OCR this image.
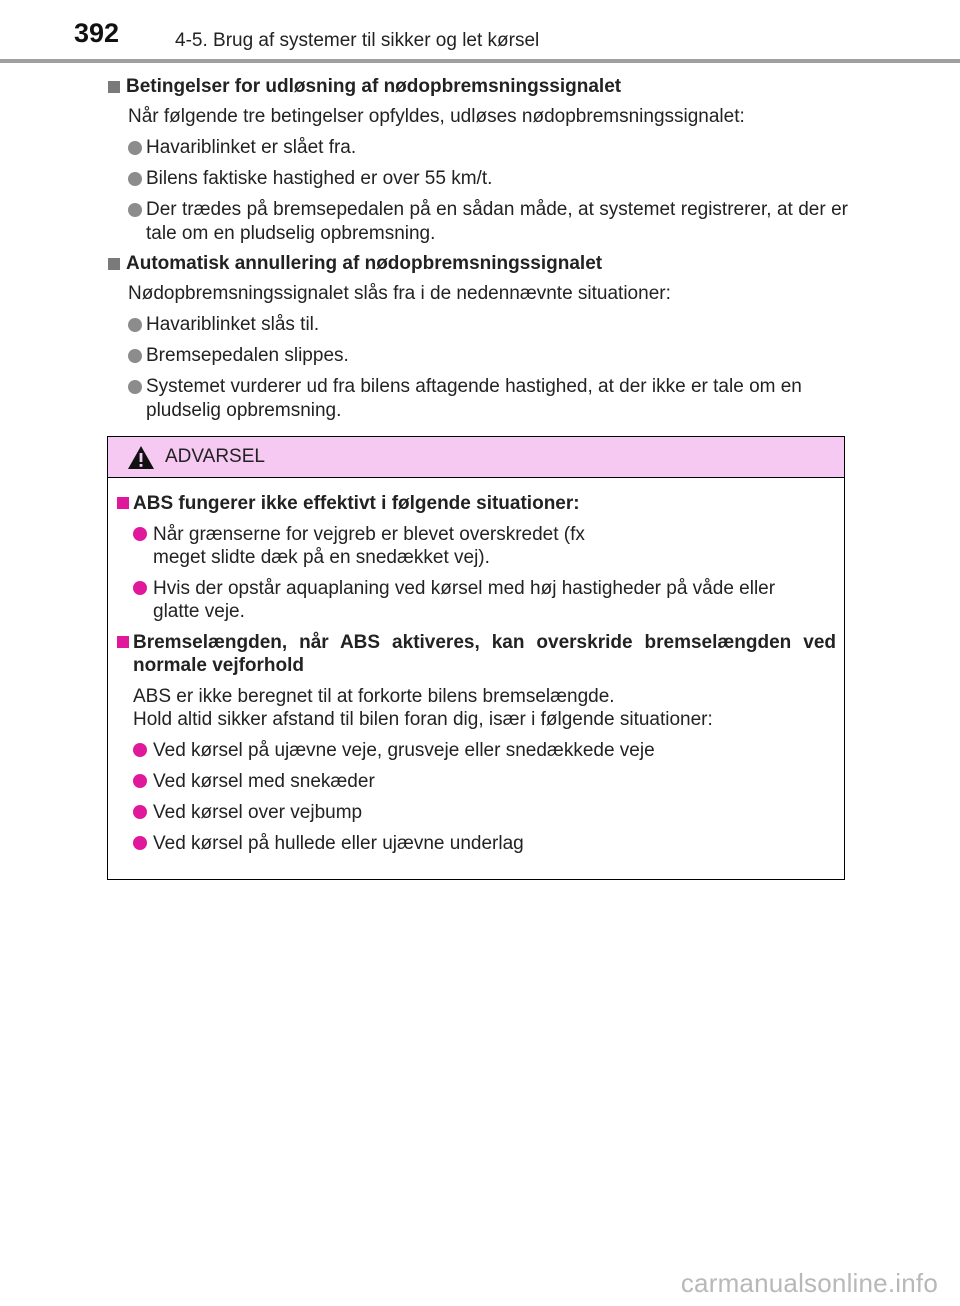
392	4-5. Brug af systemer til sikker og let kørsel
Betingelser for udløsning af nødopbremsningssignalet
Når følgende tre betingelser opfyldes, udløses nødopbremsningssignalet:
Havariblinket er slået fra.
Bilens faktiske hastighed er over 55 km/t.
Der trædes på bremsepedalen på en sådan måde, at systemet registrerer, at der er tale om en pludselig opbremsning.
Automatisk annullering af nødopbremsningssignalet
Nødopbremsningssignalet slås fra i de nedennævnte situationer:
Havariblinket slås til.
Bremsepedalen slippes.
Systemet vurderer ud fra bilens aftagende hastighed, at der ikke er tale om en pludselig opbremsning.
ADVARSEL
ABS fungerer ikke effektivt i følgende situationer:
Når grænserne for vejgreb er blevet overskredet (fx meget slidte dæk på en snedækket vej).
Hvis der opstår aquaplaning ved kørsel med høj hastigheder på våde eller glatte veje.
Bremselængden, når ABS aktiveres, kan overskride bremselængden ved normale vejforhold
ABS er ikke beregnet til at forkorte bilens bremselængde.
Hold altid sikker afstand til bilen foran dig, især i følgende situationer:
Ved kørsel på ujævne veje, grusveje eller snedækkede veje
Ved kørsel med snekæder
Ved kørsel over vejbump
Ved kørsel på hullede eller ujævne underlag
carmanualsonline.info
